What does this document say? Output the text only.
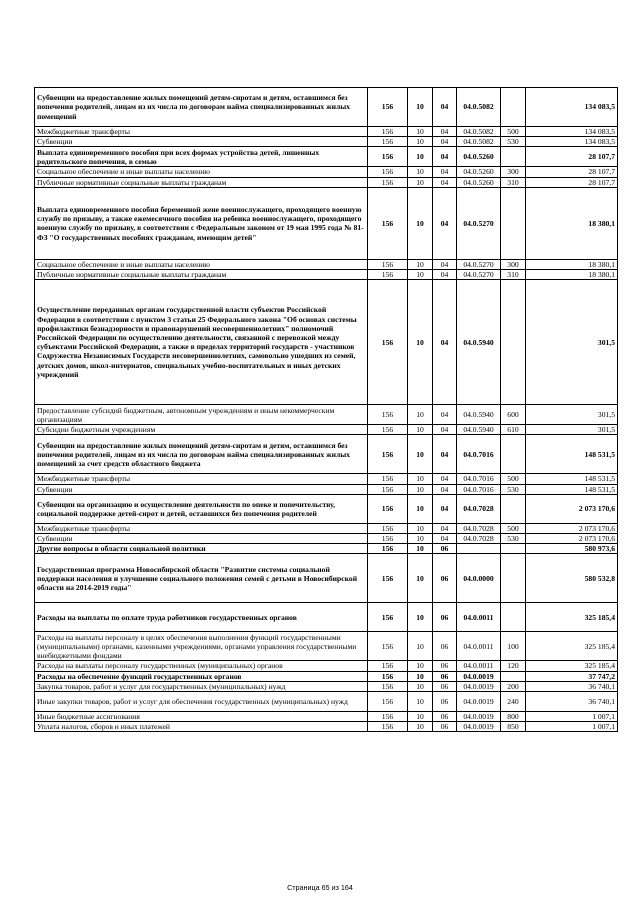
Субвенции на предоставление жилых помещений детям-сиротам и детям, оставшимся без попечения родителей, лицам из их числа по договорам найма специализированных жилых помещений	156	10	04	04.0.5082		134 083,5
Межбюджетные трансферты	156	10	04	04.0.5082	500	134 083,5
Субвенции	156	10	04	04.0.5082	530	134 083,5
Выплата единовременного пособия при всех формах устройства детей, лишенных родительского попечения, в семью	156	10	04	04.0.5260		28 107,7
Социальное обеспечение и иные выплаты населению	156	10	04	04.0.5260	300	28 107,7
Публичные нормативные социальные выплаты гражданам	156	10	04	04.0.5260	310	28 107,7
Выплата единовременного пособия беременной жене военнослужащего, проходящего военную службу по призыву, а также ежемесячного пособия на ребенка военнослужащего, проходящего военную службу по призыву, в соответствии с Федеральным законом от 19 мая 1995 года № 81-ФЗ "О государственных пособиях гражданам, имеющим детей"	156	10	04	04.0.5270		18 380,1
Социальное обеспечение и иные выплаты населению	156	10	04	04.0.5270	300	18 380,1
Публичные нормативные социальные выплаты гражданам	156	10	04	04.0.5270	310	18 380,1
Осуществление переданных органам государственной власти субъектов Российской Федерации в соответствии с пунктом 3 статьи 25 Федерального закона "Об основах системы профилактики безнадзорности и правонарушений несовершеннолетних" полномочий Российской Федерации по осуществлению деятельности, связанной с перевозкой между субъектами Российской Федерации, а также в пределах территорий государств - участников Содружества Независимых Государств несовершеннолетних, самовольно ушедших из семей, детских домов, школ-интернатов, специальных учебно-воспитательных и иных детских учреждений	156	10	04	04.0.5940		301,5
Предоставление субсидий бюджетным, автономным учреждениям и иным некоммерческим организациям	156	10	04	04.0.5940	600	301,5
Субсидии бюджетным учреждениям	156	10	04	04.0.5940	610	301,5
Субвенции на предоставление жилых помещений детям-сиротам и детям, оставшимся без попечения родителей, лицам из их числа по договорам найма специализированных жилых помещений за счет средств областного бюджета	156	10	04	04.0.7016		148 531,5
Межбюджетные трансферты	156	10	04	04.0.7016	500	148 531,5
Субвенции	156	10	04	04.0.7016	530	148 531,5
Субвенции на организацию и осуществление деятельности по опеке и попечительству, социальной поддержке детей-сирот и детей, оставшихся без попечения родителей	156	10	04	04.0.7028		2 073 170,6
Межбюджетные трансферты	156	10	04	04.0.7028	500	2 073 170,6
Субвенции	156	10	04	04.0.7028	530	2 073 170,6
Другие вопросы в области социальной политики	156	10	06			580 973,6
Государственная программа Новосибирской области "Развитие системы социальной поддержки населения и улучшение социального положения семей с детьми в Новосибирской области на 2014-2019 годы"	156	10	06	04.0.0000		580 532,8
Расходы на выплаты по оплате труда работников государственных органов	156	10	06	04.0.0011		325 185,4
Расходы на выплаты персоналу в целях обеспечения выполнения функций государственными (муниципальными) органами, казенными учреждениями, органами управления государственными внебюджетными фондами	156	10	06	04.0.0011	100	325 185,4
Расходы на выплаты персоналу государственных (муниципальных) органов	156	10	06	04.0.0011	120	325 185,4
Расходы на обеспечение функций государственных органов	156	10	06	04.0.0019		37 747,2
Закупка товаров, работ и услуг для государственных (муниципальных) нужд	156	10	06	04.0.0019	200	36 740,1
Иные закупки товаров, работ и услуг для обеспечения государственных (муниципальных) нужд	156	10	06	04.0.0019	240	36 740,1
Иные бюджетные ассигнования	156	10	06	04.0.0019	800	1 007,1
Уплата налогов, сборов и иных платежей	156	10	06	04.0.0019	850	1 007,1
Страница 65 из 164
